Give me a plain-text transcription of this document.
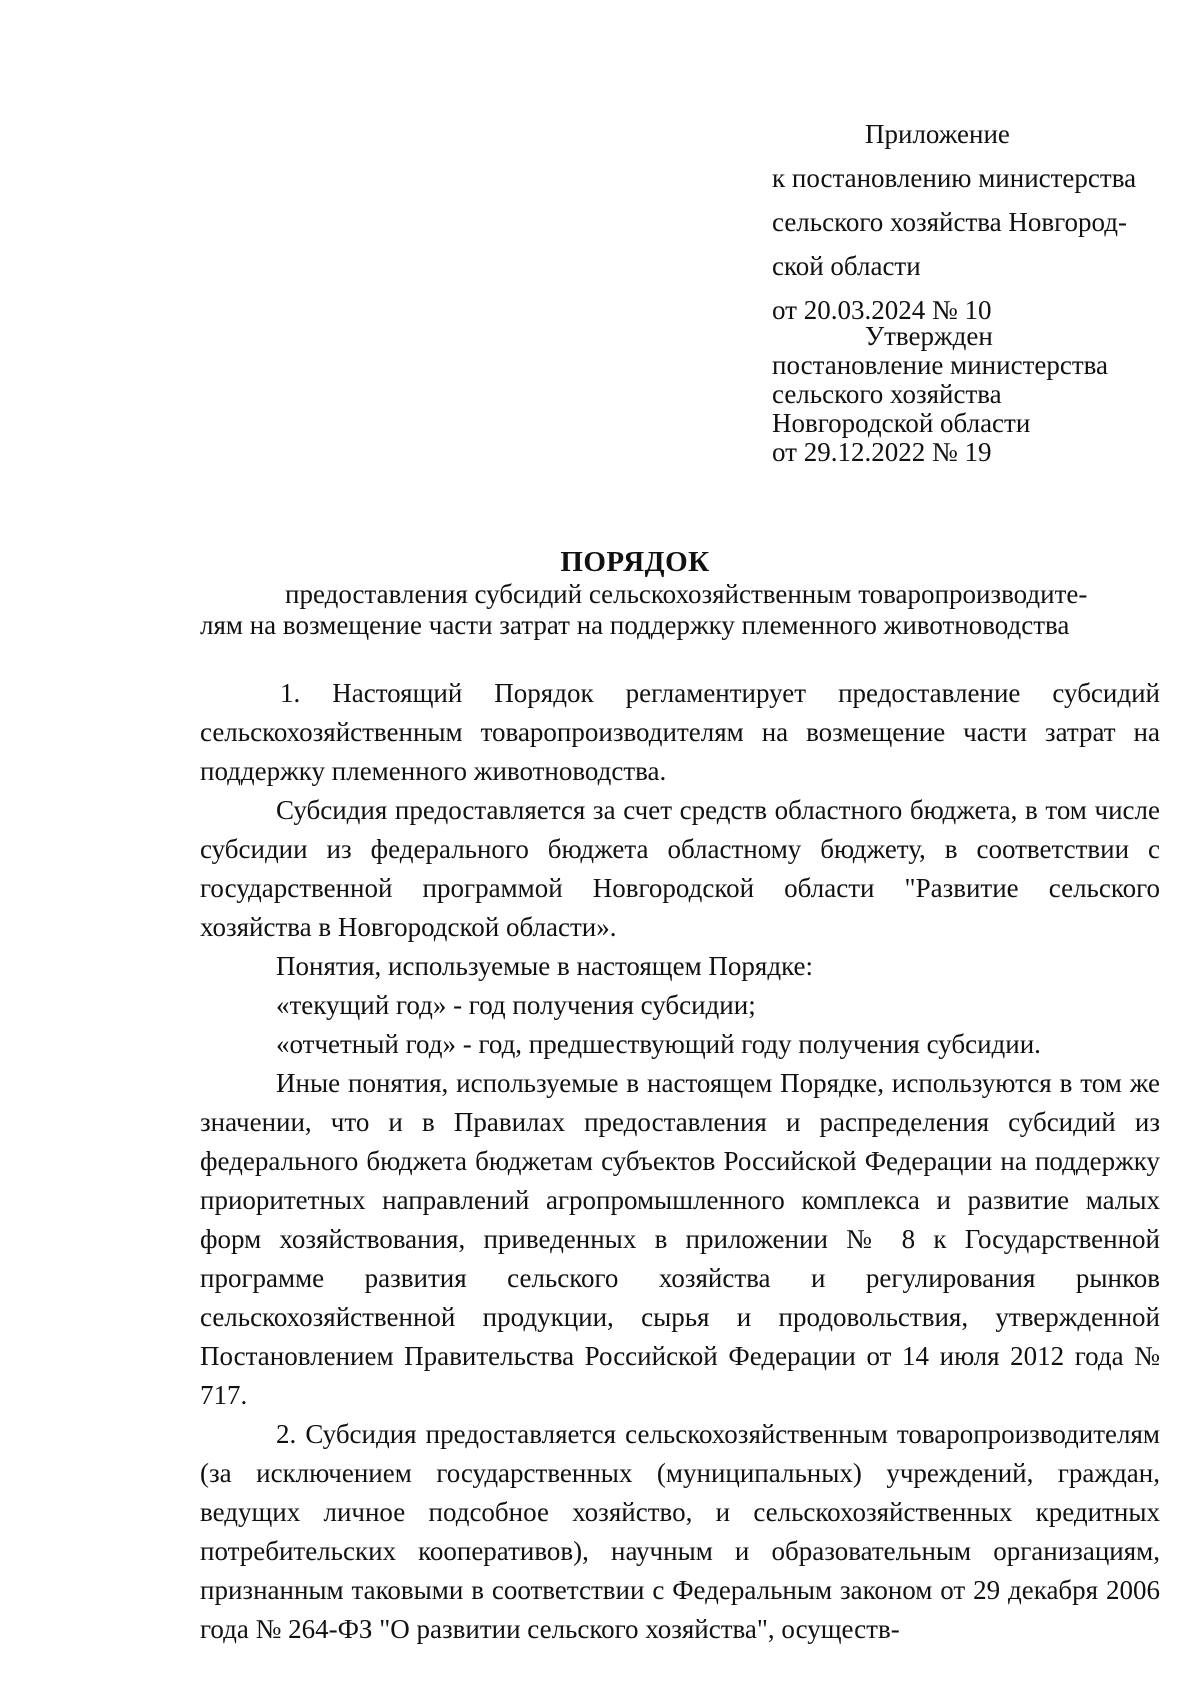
Приложение
к постановлению министерства
сельского хозяйства Новгород-
ской области
от 20.03.2024 № 10
Утвержден
постановление министерства
сельского хозяйства
Новгородской области
от 29.12.2022 № 19
ПОРЯДОК
предоставления субсидий сельскохозяйственным товаропроизводите-
лям на возмещение части затрат на поддержку племенного животноводства

1. Настоящий Порядок регламентирует предоставление субсидий сельскохозяйственным товаропроизводителям на возмещение части затрат на поддержку племенного животноводства.

Субсидия предоставляется за счет средств областного бюджета, в том числе субсидии из федерального бюджета областному бюджету, в соответствии с государственной программой Новгородской области "Развитие сельского хозяйства в Новгородской области».

Понятия, используемые в настоящем Порядке:

«текущий год» - год получения субсидии;

«отчетный год» - год, предшествующий году получения субсидии.

Иные понятия, используемые в настоящем Порядке, используются в том же значении, что и в Правилах предоставления и распределения субсидий из федерального бюджета бюджетам субъектов Российской Федерации на поддержку приоритетных направлений агропромышленного комплекса и развитие малых форм хозяйствования, приведенных в приложении № 8 к Государственной программе развития сельского хозяйства и регулирования рынков сельскохозяйственной продукции, сырья и продовольствия, утвержденной Постановлением Правительства Российской Федерации от 14 июля 2012 года № 717.

2. Субсидия предоставляется сельскохозяйственным товаропроизводителям (за исключением государственных (муниципальных) учреждений, граждан, ведущих личное подсобное хозяйство, и сельскохозяйственных кредитных потребительских кооперативов), научным и образовательным организациям, признанным таковыми в соответствии с Федеральным законом от 29 декабря 2006 года № 264-ФЗ "О развитии сельского хозяйства", осуществ-
